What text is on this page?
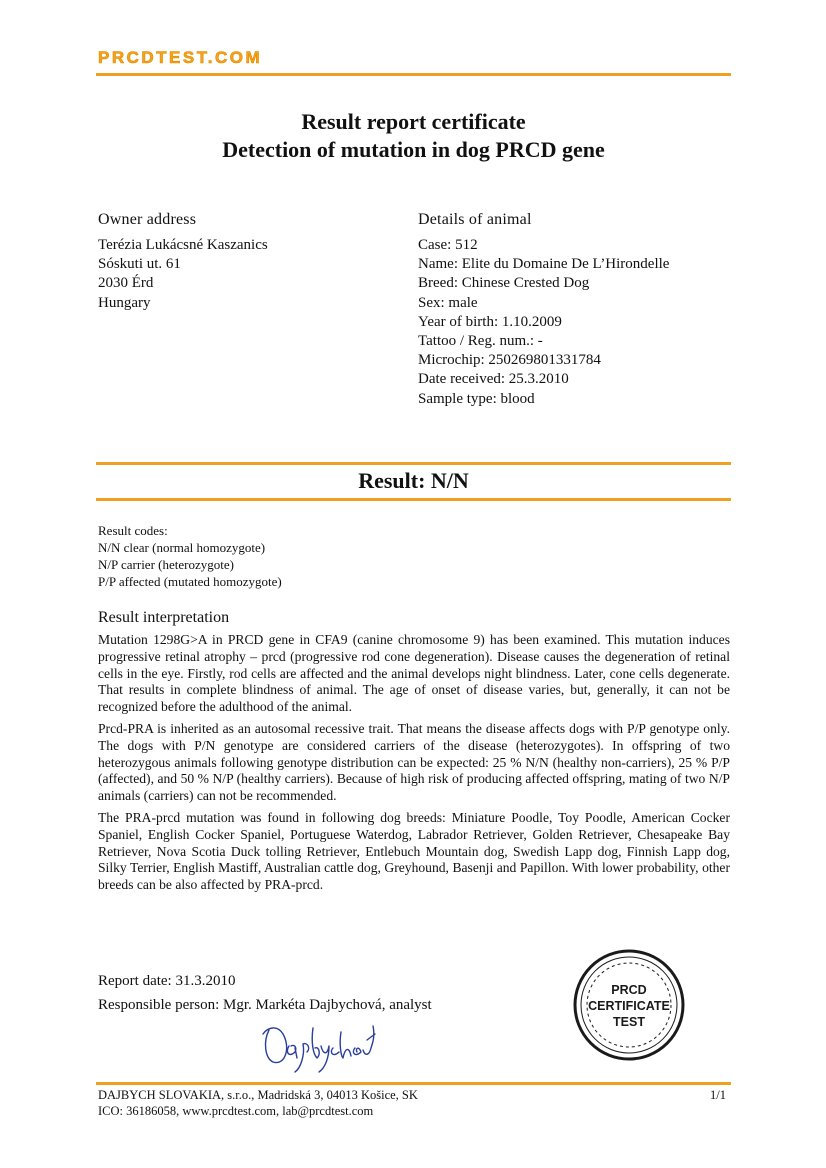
PRCDTEST.COM
Result report certificate
Detection of mutation in dog PRCD gene
Owner address
Terézia Lukácsné Kaszanics
Sóskuti ut. 61
2030 Érd
Hungary
Details of animal
Case: 512
Name: Elite du Domaine De L’Hirondelle
Breed: Chinese Crested Dog
Sex: male
Year of birth: 1.10.2009
Tattoo / Reg. num.: -
Microchip: 250269801331784
Date received: 25.3.2010
Sample type: blood
Result: N/N
Result codes:
N/N clear (normal homozygote)
N/P carrier (heterozygote)
P/P affected (mutated homozygote)
Result interpretation

Mutation 1298G>A in PRCD gene in CFA9 (canine chromosome 9) has been examined. This mutation induces progressive retinal atrophy – prcd (progressive rod cone degeneration). Disease causes the degeneration of retinal cells in the eye. Firstly, rod cells are affected and the animal develops night blindness. Later, cone cells degenerate. That results in complete blindness of animal. The age of onset of disease varies, but, generally, it can not be recognized before the adulthood of the animal.

Prcd-PRA is inherited as an autosomal recessive trait. That means the disease affects dogs with P/P genotype only. The dogs with P/N genotype are considered carriers of the disease (heterozygotes). In offspring of two heterozygous animals following genotype distribution can be expected: 25 % N/N (healthy non-carriers), 25 % P/P (affected), and 50 % N/P (healthy carriers). Because of high risk of producing affected offspring, mating of two N/P animals (carriers) can not be recommended.

The PRA-prcd mutation was found in following dog breeds: Miniature Poodle, Toy Poodle, American Cocker Spaniel, English Cocker Spaniel, Portuguese Waterdog, Labrador Retriever, Golden Retriever, Chesapeake Bay Retriever, Nova Scotia Duck tolling Retriever, Entlebuch Mountain dog, Swedish Lapp dog, Finnish Lapp dog, Silky Terrier, English Mastiff, Australian cattle dog, Greyhound, Basenji and Papillon. With lower probability, other breeds can be also affected by PRA-prcd.

Report date: 31.3.2010
Responsible person: Mgr. Markéta Dajbychová, analyst
PRCD
CERTIFICATE
TEST
DAJBYCH SLOVAKIA, s.r.o., Madridská 3, 04013 Košice, SK
ICO: 36186058, www.prcdtest.com, lab@prcdtest.com
1/1
